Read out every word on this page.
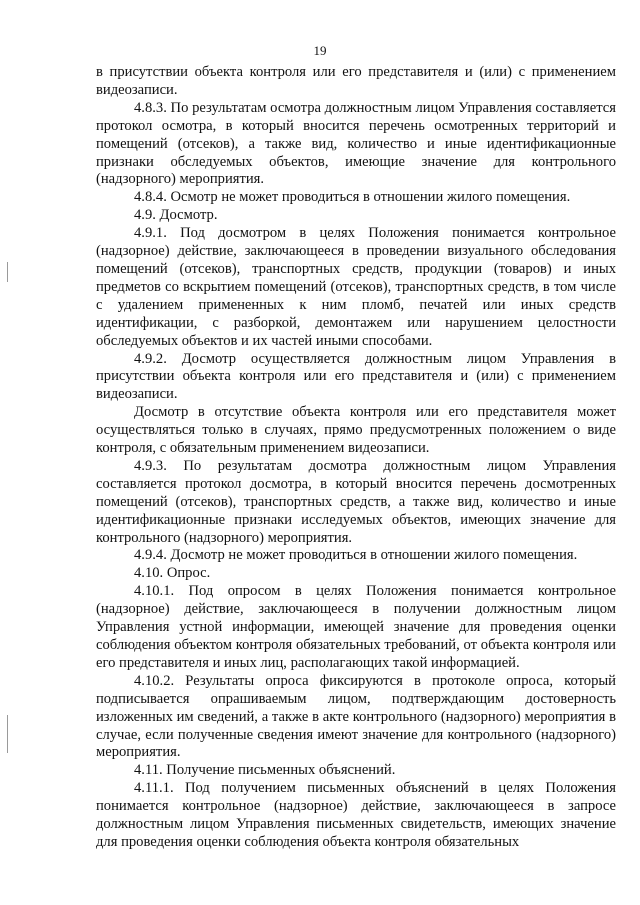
19

в присутствии объекта контроля или его представителя и (или) с применением видеозаписи.

4.8.3. По результатам осмотра должностным лицом Управления составляется протокол осмотра, в который вносится перечень осмотренных территорий и помещений (отсеков), а также вид, количество и иные идентификационные признаки обследуемых объектов, имеющие значение для контрольного (надзорного) мероприятия.

4.8.4. Осмотр не может проводиться в отношении жилого помещения.

4.9. Досмотр.

4.9.1. Под досмотром в целях Положения понимается контрольное (надзорное) действие, заключающееся в проведении визуального обследования помещений (отсеков), транспортных средств, продукции (товаров) и иных предметов со вскрытием помещений (отсеков), транспортных средств, в том числе с удалением примененных к ним пломб, печатей или иных средств идентификации, с разборкой, демонтажем или нарушением целостности обследуемых объектов и их частей иными способами.

4.9.2. Досмотр осуществляется должностным лицом Управления в присутствии объекта контроля или его представителя и (или) с применением видеозаписи.

Досмотр в отсутствие объекта контроля или его представителя может осуществляться только в случаях, прямо предусмотренных положением о виде контроля, с обязательным применением видеозаписи.

4.9.3. По результатам досмотра должностным лицом Управления составляется протокол досмотра, в который вносится перечень досмотренных помещений (отсеков), транспортных средств, а также вид, количество и иные идентификационные признаки исследуемых объектов, имеющих значение для контрольного (надзорного) мероприятия.

4.9.4. Досмотр не может проводиться в отношении жилого помещения.

4.10. Опрос.

4.10.1. Под опросом в целях Положения понимается контрольное (надзорное) действие, заключающееся в получении должностным лицом Управления устной информации, имеющей значение для проведения оценки соблюдения объектом контроля обязательных требований, от объекта контроля или его представителя и иных лиц, располагающих такой информацией.

4.10.2. Результаты опроса фиксируются в протоколе опроса, который подписывается опрашиваемым лицом, подтверждающим достоверность изложенных им сведений, а также в акте контрольного (надзорного) мероприятия в случае, если полученные сведения имеют значение для контрольного (надзорного) мероприятия.

4.11. Получение письменных объяснений.

4.11.1. Под получением письменных объяснений в целях Положения понимается контрольное (надзорное) действие, заключающееся в запросе должностным лицом Управления письменных свидетельств, имеющих значение для проведения оценки соблюдения объекта контроля обязательных
